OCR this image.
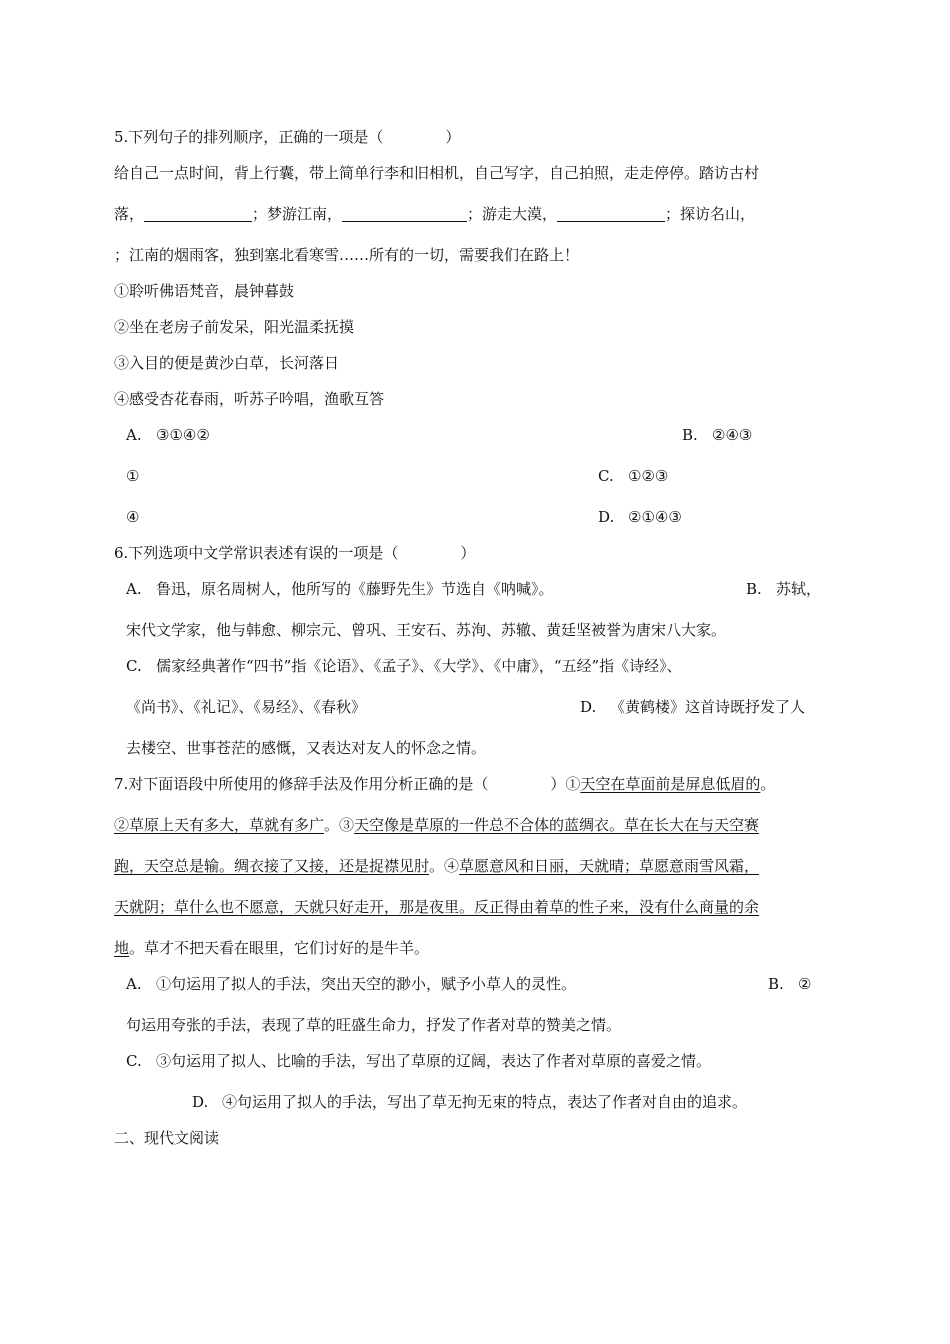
5.下列句子的排列顺序，正确的一项是（	）
给自己一点时间，背上行囊，带上简单行李和旧相机，自己写字，自己拍照，走走停停。踏访古村
落，	；梦游江南，	；游走大漠，	；探访名山，
；江南的烟雨客，独到塞北看寒雪……所有的一切，需要我们在路上！
①聆听佛语梵音，晨钟暮鼓
②坐在老房子前发呆，阳光温柔抚摸
③入目的便是黄沙白草，长河落日
④感受杏花春雨，听苏子吟唱，渔歌互答
A. ③①④②	B. ②④③
①	C. ①②③
④	D. ②①④③
6.下列选项中文学常识表述有误的一项是（	）
A. 鲁迅，原名周树人，他所写的《藤野先生》节选自《呐喊》。	B. 苏轼，
宋代文学家，他与韩愈、柳宗元、曾巩、王安石、苏洵、苏辙、黄廷坚被誉为唐宋八大家。
C. 儒家经典著作“四书”指《论语》、《孟子》、《大学》、《中庸》，“五经”指《诗经》、
《尚书》、《礼记》、《易经》、《春秋》	D. 《黄鹤楼》这首诗既抒发了人
去楼空、世事苍茫的感慨，又表达对友人的怀念之情。
7.对下面语段中所使用的修辞手法及作用分析正确的是（	）①天空在草面前是屏息低眉的。
②草原上天有多大，草就有多广。③天空像是草原的一件总不合体的蓝绸衣。草在长大在与天空赛
跑，天空总是输。绸衣接了又接，还是捉襟见肘。④草愿意风和日丽，天就晴；草愿意雨雪风霜，
天就阴；草什么也不愿意，天就只好走开，那是夜里。反正得由着草的性子来，没有什么商量的余
地。草才不把天看在眼里，它们讨好的是牛羊。
A. ①句运用了拟人的手法，突出天空的渺小，赋予小草人的灵性。	B. ②
句运用夸张的手法，表现了草的旺盛生命力，抒发了作者对草的赞美之情。
C. ③句运用了拟人、比喻的手法，写出了草原的辽阔，表达了作者对草原的喜爱之情。
D. ④句运用了拟人的手法，写出了草无拘无束的特点，表达了作者对自由的追求。
二、现代文阅读
